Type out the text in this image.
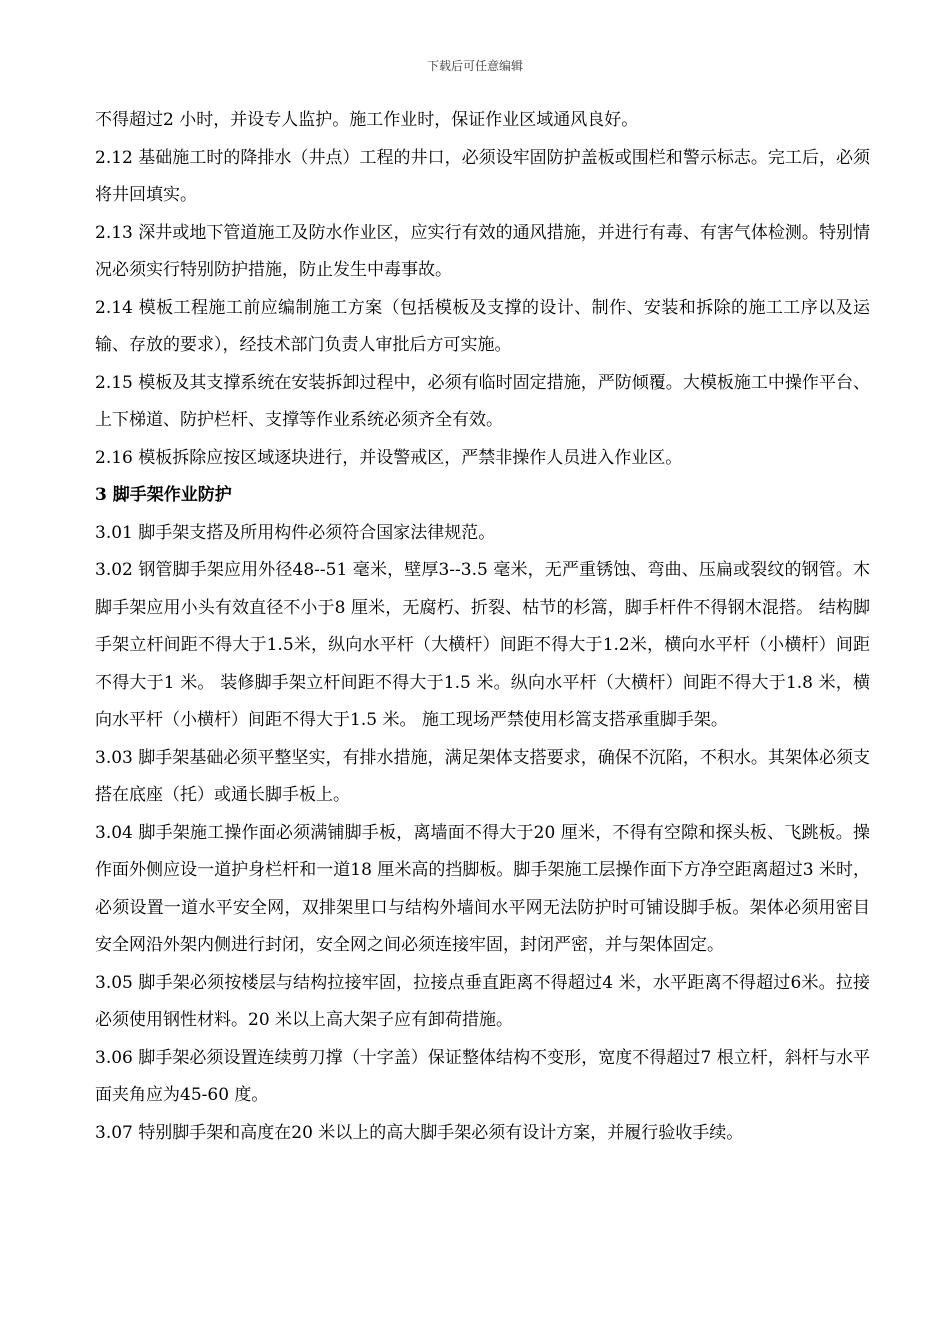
下载后可任意编辑

不得超过2 小时，并设专人监护。施工作业时，保证作业区域通风良好。

2.12 基础施工时的降排水（井点）工程的井口，必须设牢固防护盖板或围栏和警示标志。完工后，必须将井回填实。

2.13 深井或地下管道施工及防水作业区，应实行有效的通风措施，并进行有毒、有害气体检测。特别情况必须实行特别防护措施，防止发生中毒事故。

2.14 模板工程施工前应编制施工方案（包括模板及支撑的设计、制作、安装和拆除的施工工序以及运输、存放的要求），经技术部门负责人审批后方可实施。

2.15 模板及其支撑系统在安装拆卸过程中，必须有临时固定措施，严防倾覆。大模板施工中操作平台、上下梯道、防护栏杆、支撑等作业系统必须齐全有效。

2.16 模板拆除应按区域逐块进行，并设警戒区，严禁非操作人员进入作业区。

3 脚手架作业防护

3.01 脚手架支搭及所用构件必须符合国家法律规范。

3.02 钢管脚手架应用外径48--51 毫米，壁厚3--3.5 毫米，无严重锈蚀、弯曲、压扁或裂纹的钢管。木脚手架应用小头有效直径不小于8 厘米，无腐朽、折裂、枯节的杉篙，脚手杆件不得钢木混搭。 结构脚手架立杆间距不得大于1.5米，纵向水平杆（大横杆）间距不得大于1.2米，横向水平杆（小横杆）间距不得大于1 米。 装修脚手架立杆间距不得大于1.5 米。纵向水平杆（大横杆）间距不得大于1.8 米，横向水平杆（小横杆）间距不得大于1.5 米。 施工现场严禁使用杉篙支搭承重脚手架。

3.03 脚手架基础必须平整坚实，有排水措施，满足架体支搭要求，确保不沉陷，不积水。其架体必须支搭在底座（托）或通长脚手板上。

3.04 脚手架施工操作面必须满铺脚手板，离墙面不得大于20 厘米，不得有空隙和探头板、飞跳板。操作面外侧应设一道护身栏杆和一道18 厘米高的挡脚板。脚手架施工层操作面下方净空距离超过3 米时，必须设置一道水平安全网，双排架里口与结构外墙间水平网无法防护时可铺设脚手板。架体必须用密目安全网沿外架内侧进行封闭，安全网之间必须连接牢固，封闭严密，并与架体固定。

3.05 脚手架必须按楼层与结构拉接牢固，拉接点垂直距离不得超过4 米，水平距离不得超过6米。拉接必须使用钢性材料。20 米以上高大架子应有卸荷措施。

3.06 脚手架必须设置连续剪刀撑（十字盖）保证整体结构不变形，宽度不得超过7 根立杆，斜杆与水平面夹角应为45-60 度。

3.07 特别脚手架和高度在20 米以上的高大脚手架必须有设计方案，并履行验收手续。
